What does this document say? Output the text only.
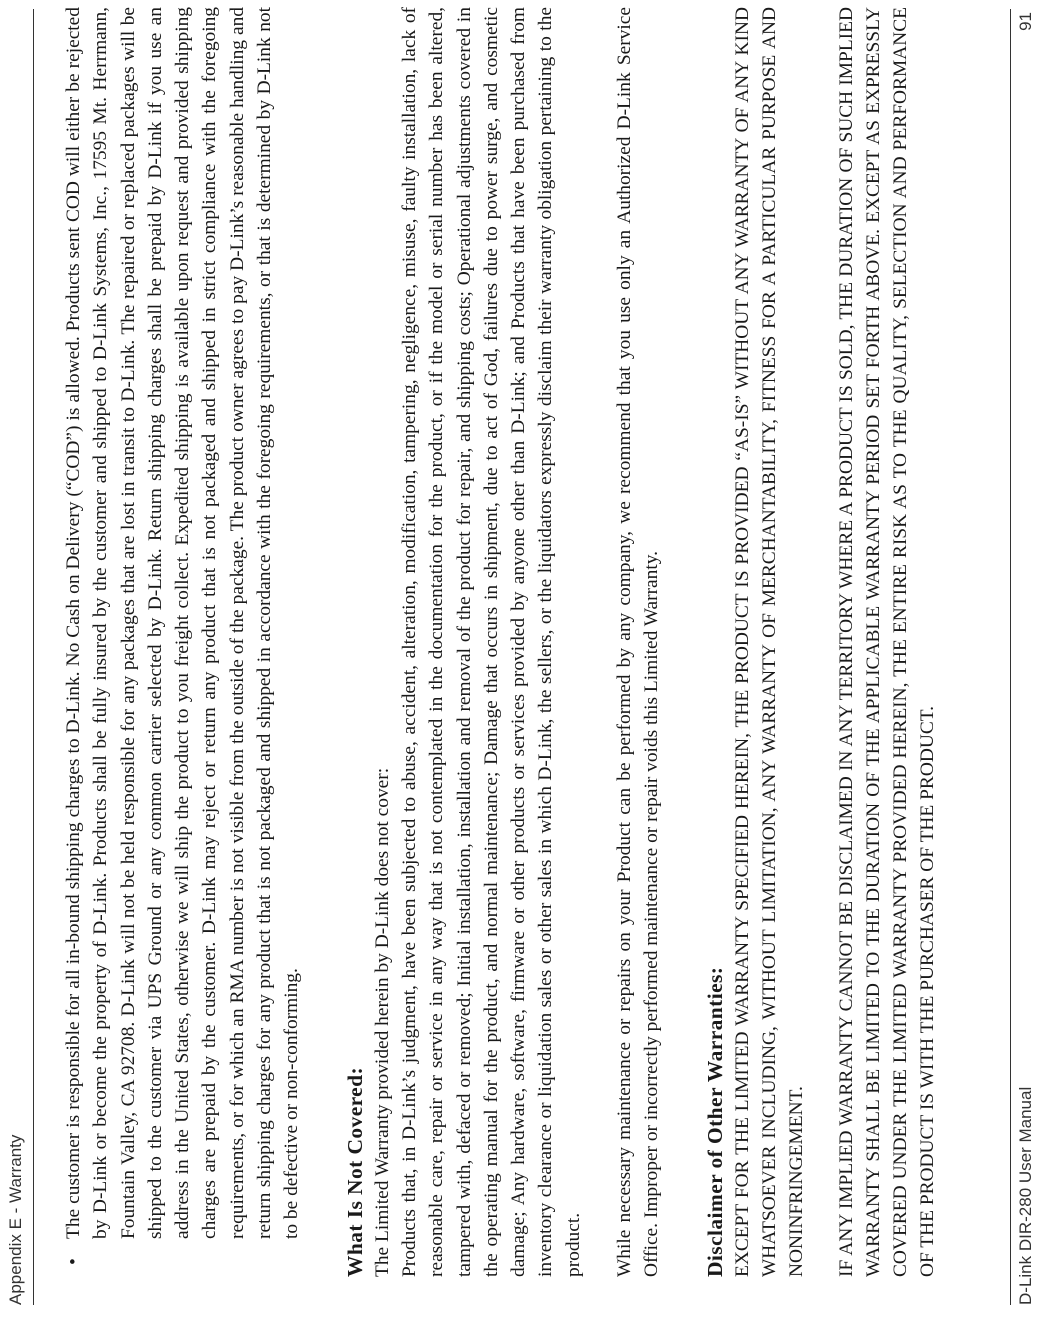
Appendix E - Warranty •

The customer is responsible for all in-bound shipping charges to D-Link. No Cash on Delivery (“COD”) is allowed. Products sent COD will either be rejected by D-Link or become the property of D-Link. Products shall be fully insured by the customer and shipped to D-Link Systems, Inc., 17595 Mt. Herrmann, Fountain Valley, CA 92708. D-Link will not be held responsible for any packages that are lost in transit to D-Link. The repaired or replaced packages will be shipped to the customer via UPS Ground or any common carrier selected by D-Link. Return shipping charges shall be prepaid by D-Link if you use an address in the United States, otherwise we will ship the product to you freight collect. Expedited shipping is available upon request and provided shipping charges are prepaid by the customer. D-Link may reject or return any product that is not packaged and shipped in strict compliance with the foregoing requirements, or for which an RMA number is not visible from the outside of the package. The product owner agrees to pay D-Link’s reasonable handling and return shipping charges for any product that is not packaged and shipped in accordance with the foregoing requirements, or that is determined by D-Link not to be defective or non-conforming. What Is Not Covered: The Limited Warranty provided herein by D-Link does not cover: Products that, in D-Link’s judgment, have been subjected to abuse, accident, alteration, modification, tampering, negligence, misuse, faulty installation, lack of reasonable care, repair or service in any way that is not contemplated in the documentation for the product, or if the model or serial number has been altered, tampered with, defaced or removed; Initial installation, installation and removal of the product for repair, and shipping costs; Operational adjustments covered in the operating manual for the product, and normal maintenance; Damage that occurs in shipment, due to act of God, failures due to power surge, and cosmetic damage; Any hardware, software, firmware or other products or services provided by anyone other than D-Link; and Products that have been purchased from inventory clearance or liquidation sales or other sales in which D-Link, the sellers, or the liquidators expressly disclaim their warranty obligation pertaining to the product. While necessary maintenance or repairs on your Product can be performed by any company, we recommend that you use only an Authorized D-Link Service Office. Improper or incorrectly performed maintenance or repair voids this Limited Warranty. Disclaimer of Other Warranties: EXCEPT FOR THE LIMITED WARRANTY SPECIFIED HEREIN, THE PRODUCT IS PROVIDED “AS-IS” WITHOUT ANY WARRANTY OF ANY KIND WHATSOEVER INCLUDING, WITHOUT LIMITATION, ANY WARRANTY OF MERCHANTABILITY, FITNESS FOR A PARTICULAR PURPOSE AND NONINFRINGEMENT. IF ANY IMPLIED WARRANTY CANNOT BE DISCLAIMED IN ANY TERRITORY WHERE A PRODUCT IS SOLD, THE DURATION OF SUCH IMPLIED WARRANTY SHALL BE LIMITED TO THE DURATION OF THE APPLICABLE WARRANTY PERIOD SET FORTH ABOVE. EXCEPT AS EXPRESSLY COVERED UNDER THE LIMITED WARRANTY PROVIDED HEREIN, THE ENTIRE RISK AS TO THE QUALITY, SELECTION AND PERFORMANCE OF THE PRODUCT IS WITH THE PURCHASER OF THE PRODUCT.	D-Link DIR-280 User Manual
91
